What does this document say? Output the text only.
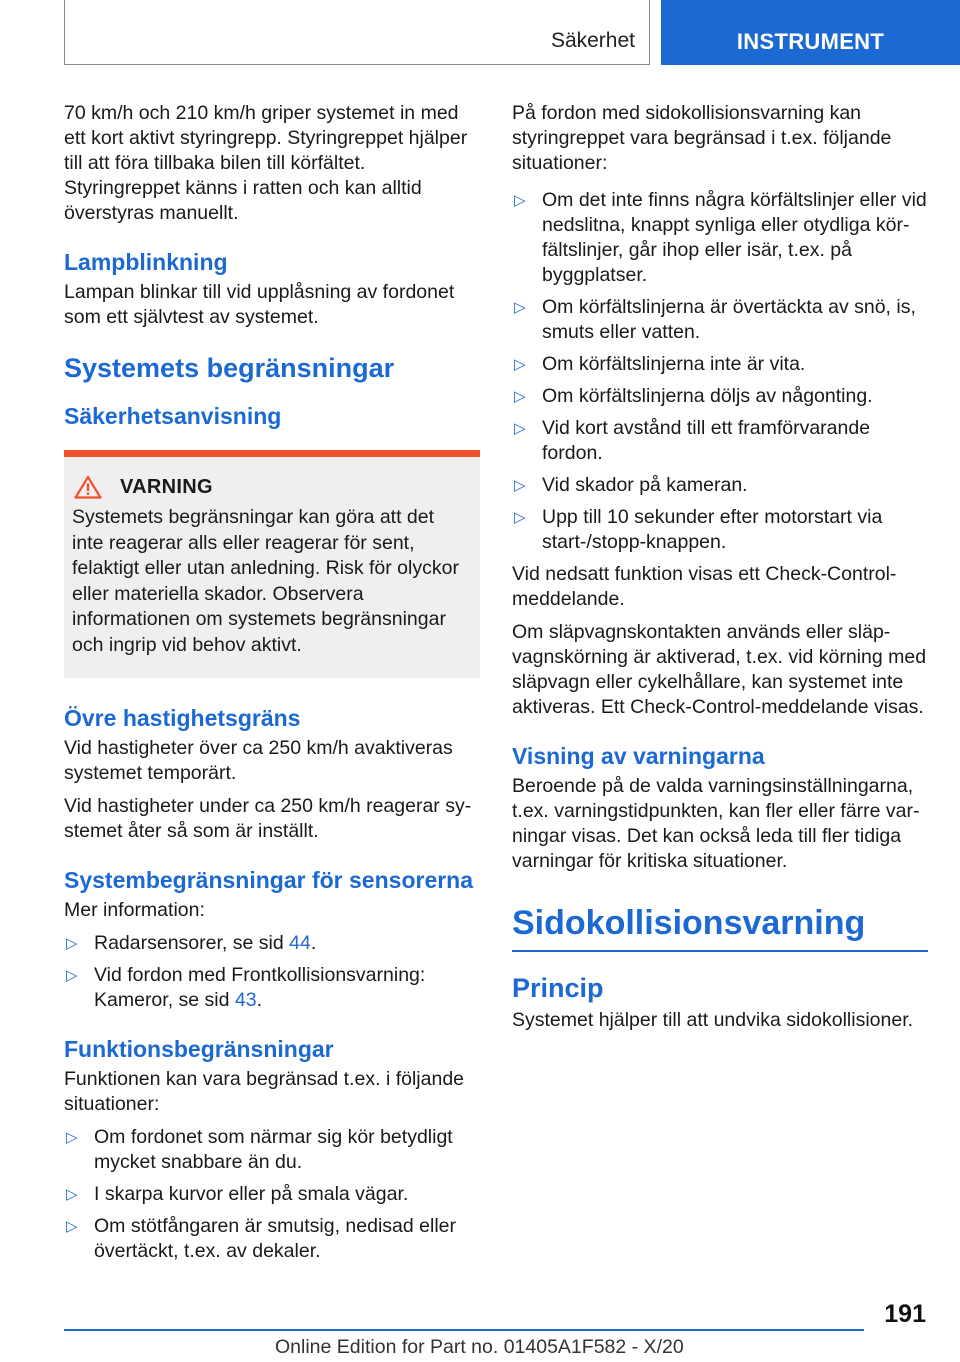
Säkerhet	INSTRUMENT

70 km/h och 210 km/h griper systemet in med ett kort aktivt styringrepp. Styringreppet hjälper till att föra tillbaka bilen till körfältet. Styringreppet känns i ratten och kan alltid överstyras manuellt.

Lampblinkning

Lampan blinkar till vid upplåsning av fordonet som ett självtest av systemet.

Systemets begränsningar
Säkerhetsanvisning
VARNING

Systemets begränsningar kan göra att det inte reagerar alls eller reagerar för sent, felaktigt eller utan anledning. Risk för olyckor eller materiella skador. Observera informationen om systemets begränsningar och ingrip vid behov aktivt.

Övre hastighetsgräns

Vid hastigheter över ca 250 km/h avaktiveras systemet temporärt.

Vid hastigheter under ca 250 km/h reagerar systemet åter så som är inställt.

Systembegränsningar för sensorerna

Mer information:

▷ Radarsensorer, se sid 44.
▷ Vid fordon med Frontkollisionsvarning: Kameror, se sid 43.
Funktionsbegränsningar

Funktionen kan vara begränsad t.ex. i följande situationer:

▷ Om fordonet som närmar sig kör betydligt mycket snabbare än du.
▷ I skarpa kurvor eller på smala vägar.
▷ Om stötfångaren är smutsig, nedisad eller övertäckt, t.ex. av dekaler.

På fordon med sidokollisionsvarning kan styringreppet vara begränsad i t.ex. följande situationer:

▷ Om det inte finns några körfältslinjer eller vid nedslitna, knappt synliga eller otydliga körfältslinjer, går ihop eller isär, t.ex. på byggplatser.
▷ Om körfältslinjerna är övertäckta av snö, is, smuts eller vatten.
▷ Om körfältslinjerna inte är vita.
▷ Om körfältslinjerna döljs av någonting.
▷ Vid kort avstånd till ett framförvarande fordon.
▷ Vid skador på kameran.
▷ Upp till 10 sekunder efter motorstart via start-/stopp-knappen.

Vid nedsatt funktion visas ett Check-Control-meddelande.

Om släpvagnskontakten används eller släpvagnskörning är aktiverad, t.ex. vid körning med släpvagn eller cykelhållare, kan systemet inte aktiveras. Ett Check-Control-meddelande visas.

Visning av varningarna

Beroende på de valda varningsinställningarna, t.ex. varningstidpunkten, kan fler eller färre varningar visas. Det kan också leda till fler tidiga varningar för kritiska situationer.

Sidokollisionsvarning
Princip

Systemet hjälper till att undvika sidokollisioner.

191
Online Edition for Part no. 01405A1F582 - X/20
